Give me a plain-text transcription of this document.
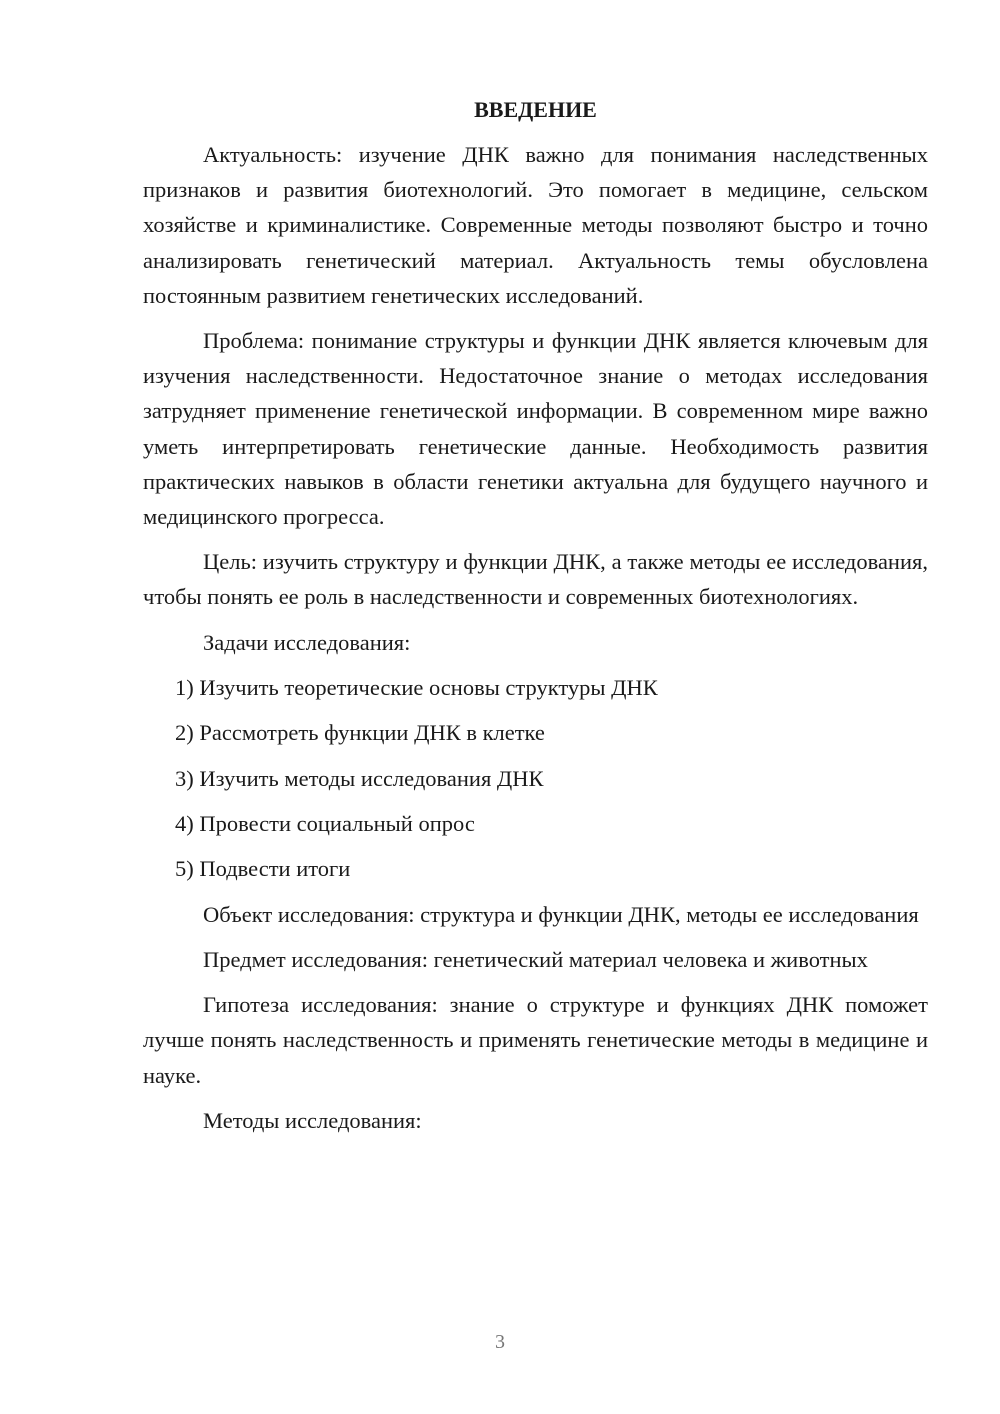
ВВЕДЕНИЕ

Актуальность: изучение ДНК важно для понимания наследственных признаков и развития биотехнологий. Это помогает в медицине, сельском хозяйстве и криминалистике. Современные методы позволяют быстро и точно анализировать генетический материал. Актуальность темы обусловлена постоянным развитием генетических исследований.

Проблема: понимание структуры и функции ДНК является ключевым для изучения наследственности. Недостаточное знание о методах исследования затрудняет применение генетической информации. В современном мире важно уметь интерпретировать генетические данные. Необходимость развития практических навыков в области генетики актуальна для будущего научного и медицинского прогресса.

Цель: изучить структуру и функции ДНК, а также методы ее исследования, чтобы понять ее роль в наследственности и современных биотехнологиях.

Задачи исследования:

1) Изучить теоретические основы структуры ДНК
2) Рассмотреть функции ДНК в клетке
3) Изучить методы исследования ДНК
4) Провести социальный опрос
5) Подвести итоги

Объект исследования: структура и функции ДНК, методы ее исследования

Предмет исследования: генетический материал человека и животных

Гипотеза исследования: знание о структуре и функциях ДНК поможет лучше понять наследственность и применять генетические методы в медицине и науке.

Методы исследования:

3
